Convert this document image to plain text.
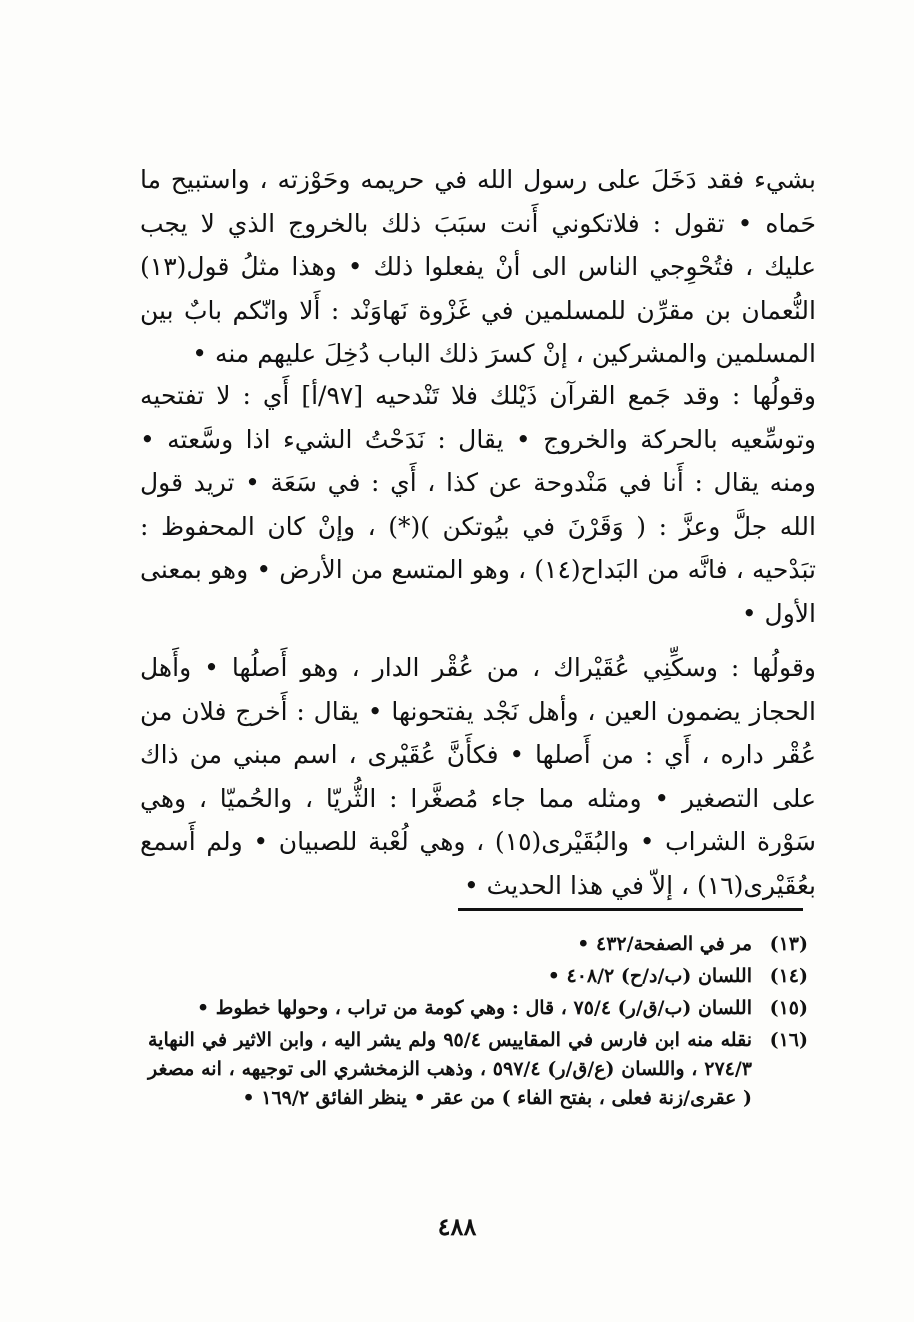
بشيء فقد دَخَلَ على رسول الله في حريمه وحَوْزته ، واستبيح ما حَماه • تقول : فلاتكوني أَنت سبَبَ ذلك بالخروج الذي لا يجب عليك ، فتُحْوِجي الناس الى أنْ يفعلوا ذلك • وهذا مثلُ قول(١٣) النُّعمان بن مقرِّن للمسلمين في غَزْوة نَهاوَنْد : أَلا وانّكم بابٌ بين المسلمين والمشركين ، إنْ كسرَ ذلك الباب دُخِلَ عليهم منه •

وقولُها : وقد جَمع القرآن ذَيْلك فلا تَنْدحيه [٩٧/أ] أَي : لا تفتحيه وتوسِّعيه بالحركة والخروج • يقال : نَدَحْتُ الشيء اذا وسَّعته • ومنه يقال : أَنا في مَنْدوحة عن كذا ، أَي : في سَعَة • تريد قول الله جلَّ وعزَّ : ( وَقَرْنَ في بيُوتكن )(*) ، وإنْ كان المحفوظ : تبَدْحيه ، فانَّه من البَداح(١٤) ، وهو المتسع من الأرض • وهو بمعنى الأول •

وقولُها : وسكِّنِي عُقَيْراك ، من عُقْر الدار ، وهو أَصلُها • وأَهل الحجاز يضمون العين ، وأهل نَجْد يفتحونها • يقال : أَخرج فلان من عُقْر داره ، أَي : من أَصلها • فكأَنَّ عُقَيْرى ، اسم مبني من ذاك على التصغير • ومثله مما جاء مُصغَّرا : الثُّريّا ، والحُميّا ، وهي سَوْرة الشراب • والبُقَيْرى(١٥) ، وهي لُعْبة للصبيان • ولم أَسمع بعُقَيْرى(١٦) ، إلاّ في هذا الحديث •

(١٣)
مر في الصفحة/٤٣٢ •
(١٤)
اللسان (ب/د/ح) ٤٠٨/٢ •
(١٥)
اللسان (ب/ق/ر) ٧٥/٤ ، قال : وهي كومة من تراب ، وحولها خطوط •
(١٦)
نقله منه ابن فارس في المقاييس ٩٥/٤ ولم يشر اليه ، وابن الاثير في النهاية ٢٧٤/٣ ، واللسان (ع/ق/ر) ٥٩٧/٤ ، وذهب الزمخشري الى توجيهه ، انه مصغر ( عقرى/زنة فعلى ، بفتح الفاء ) من عقر • ينظر الفائق ١٦٩/٢ •
٤٨٨
